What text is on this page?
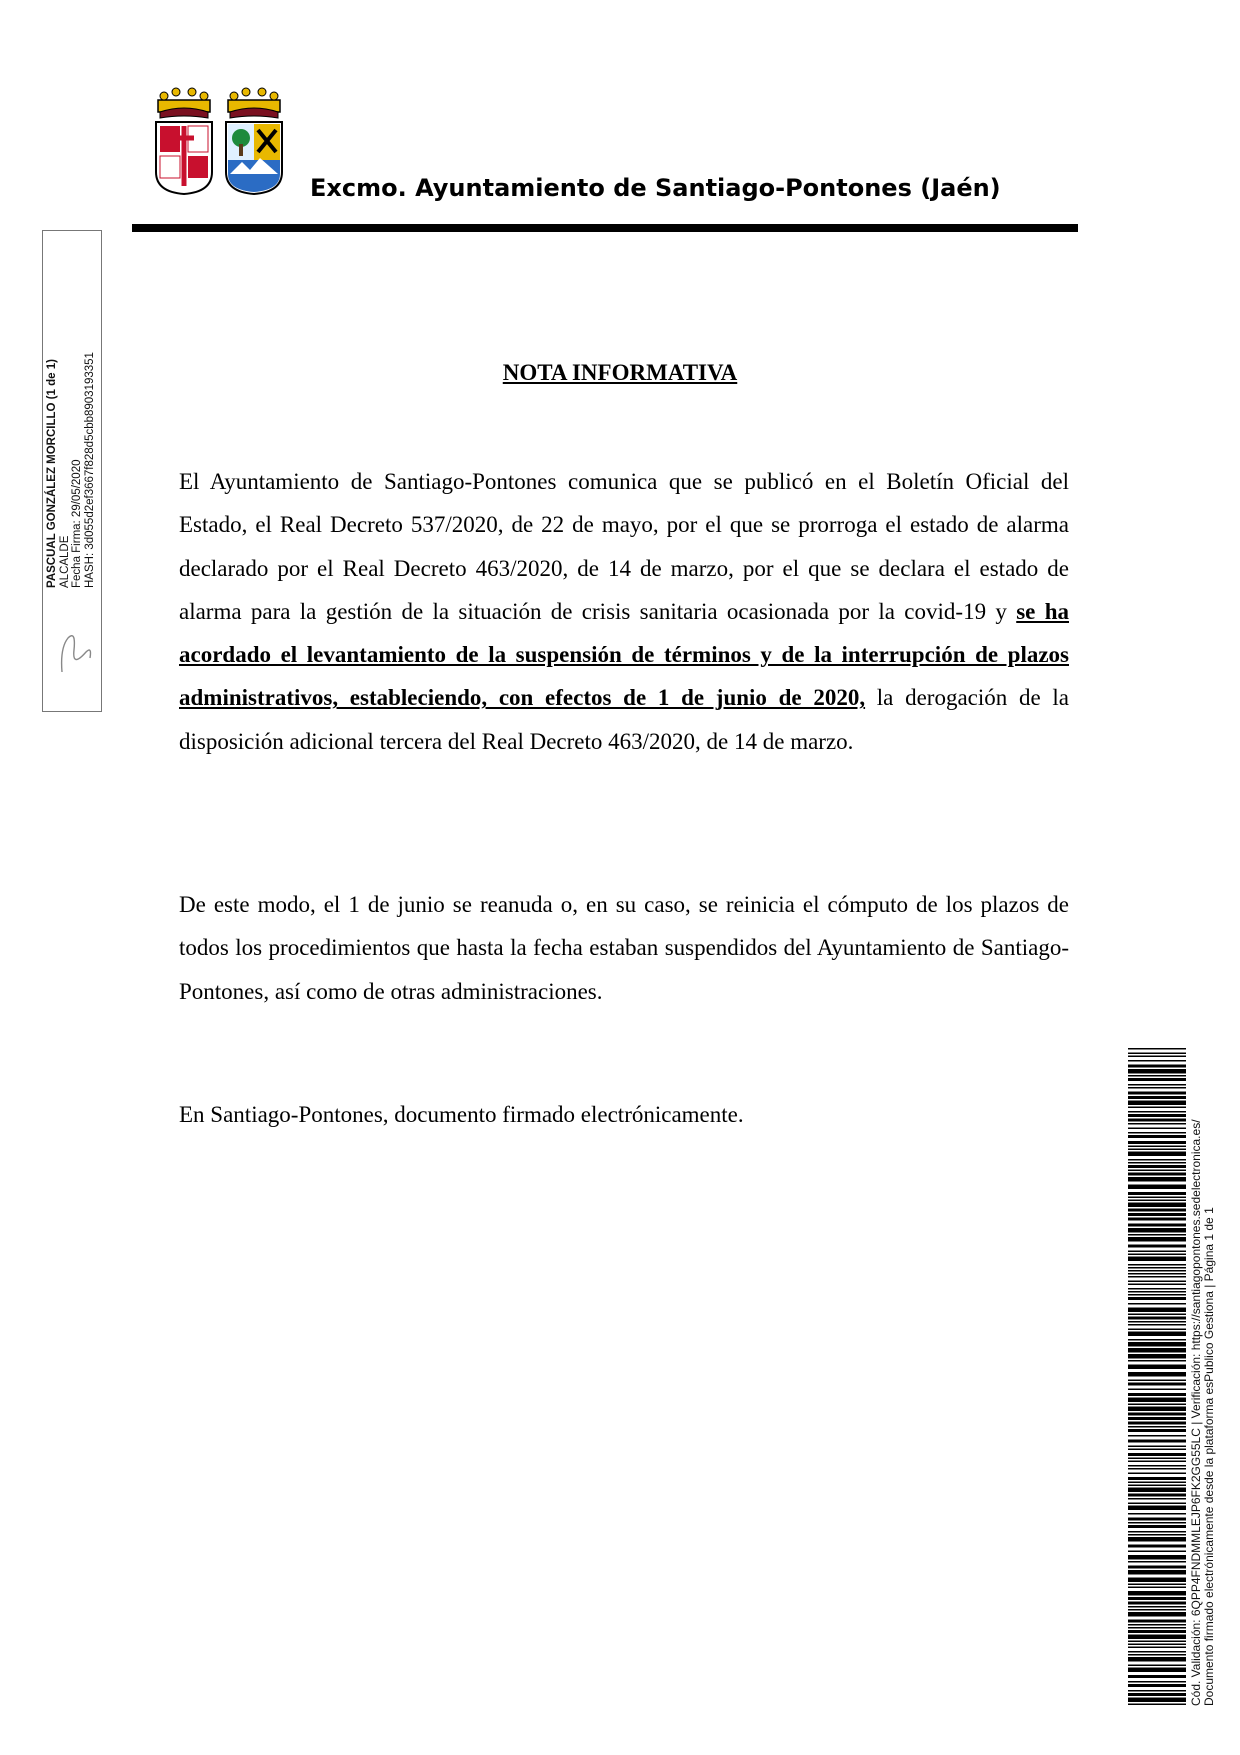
Excmo. Ayuntamiento de Santiago-Pontones (Jaén)
PASCUAL GONZÁLEZ MORCILLO (1 de 1) ALCALDE Fecha Firma: 29/05/2020 HASH: 3d055d2ef3667f828d5cbb8903193351	NOTA INFORMATIVA

El Ayuntamiento de Santiago-Pontones comunica que se publicó en el Boletín Oficial del Estado, el Real Decreto 537/2020, de 22 de mayo, por el que se prorroga el estado de alarma declarado por el Real Decreto 463/2020, de 14 de marzo, por el que se declara el estado de alarma para la gestión de la situación de crisis sanitaria ocasionada por la covid-19 y se ha acordado el levantamiento de la suspensión de términos y de la interrupción de plazos administrativos, estableciendo, con efectos de 1 de junio de 2020, la derogación de la disposición adicional tercera del Real Decreto 463/2020, de 14 de marzo.

De este modo, el 1 de junio se reanuda o, en su caso, se reinicia el cómputo de los plazos de todos los procedimientos que hasta la fecha estaban suspendidos del Ayuntamiento de Santiago-Pontones, así como de otras administraciones.

En Santiago-Pontones, documento firmado electrónicamente.

Cód. Validación: 6QPP4FNDMMLEJP6FK2GG55LC | Verificación: https://santiagopontones.sedelectronica.es/ Documento firmado electrónicamente desde la plataforma esPublico Gestiona | Página 1 de 1
